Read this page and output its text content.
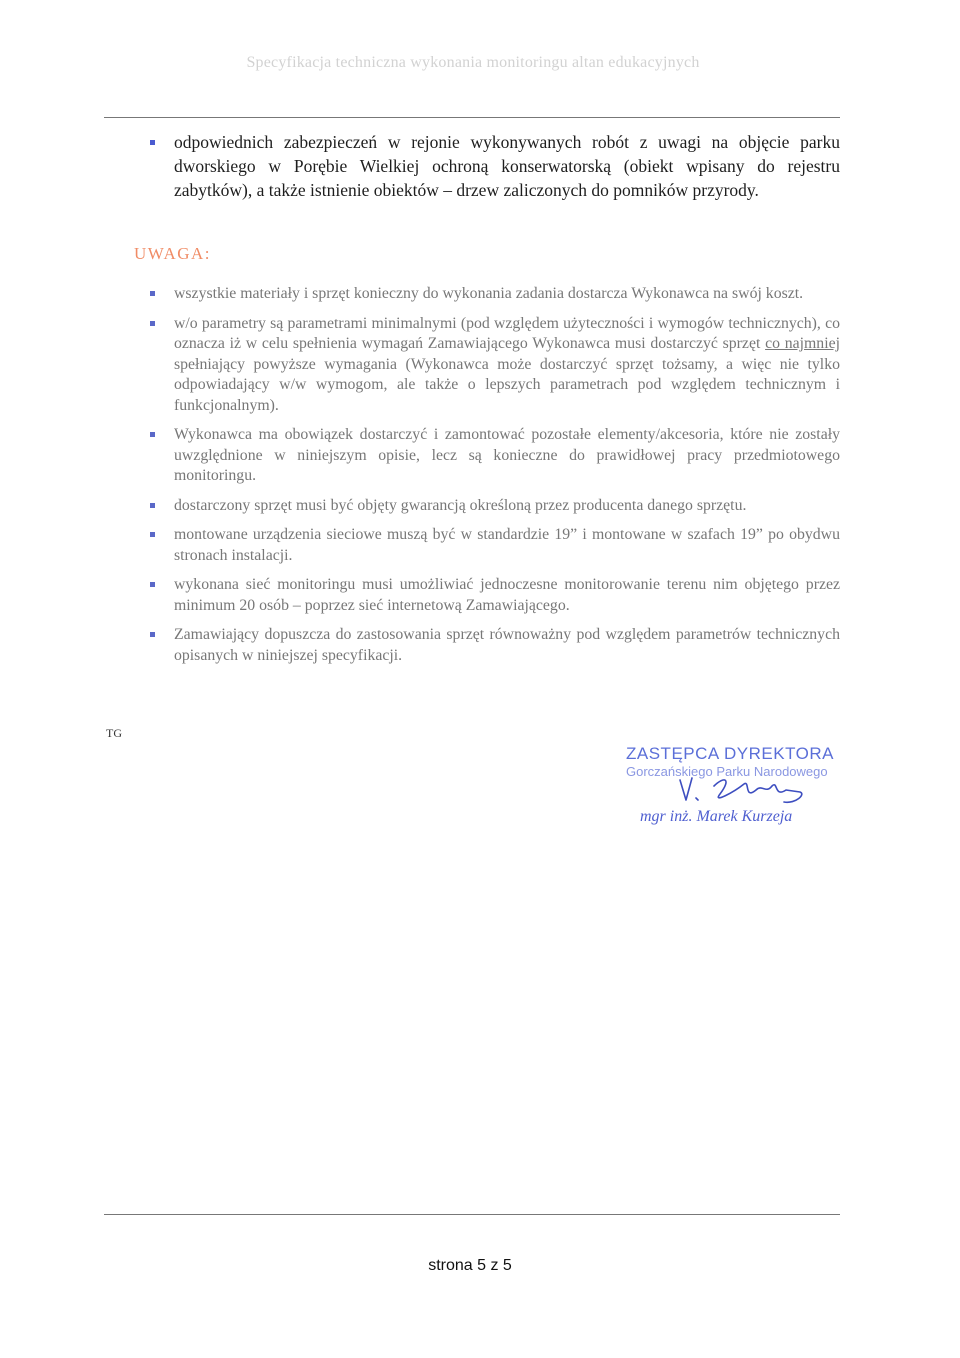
Specyfikacja techniczna wykonania monitoringu altan edukacyjnych
odpowiednich zabezpieczeń w rejonie wykonywanych robót z uwagi na objęcie parku dworskiego w Porębie Wielkiej ochroną konserwatorską (obiekt wpisany do rejestru zabytków), a także istnienie obiektów – drzew zaliczonych do pomników przyrody.
UWAGA:
wszystkie materiały i sprzęt konieczny do wykonania zadania dostarcza Wykonawca na swój koszt.
w/o parametry są parametrami minimalnymi (pod względem użyteczności i wymogów technicznych), co oznacza iż w celu spełnienia wymagań Zamawiającego Wykonawca musi dostarczyć sprzęt co najmniej spełniający powyższe wymagania (Wykonawca może dostarczyć sprzęt tożsamy, a więc nie tylko odpowiadający w/w wymogom, ale także o lepszych parametrach pod względem technicznym i funkcjonalnym).
Wykonawca ma obowiązek dostarczyć i zamontować pozostałe elementy/akcesoria, które nie zostały uwzględnione w niniejszym opisie, lecz są konieczne do prawidłowej pracy przedmiotowego monitoringu.
dostarczony sprzęt musi być objęty gwarancją określoną przez producenta danego sprzętu.
montowane urządzenia sieciowe muszą być w standardzie 19” i montowane w szafach 19” po obydwu stronach instalacji.
wykonana sieć monitoringu musi umożliwiać jednoczesne monitorowanie terenu nim objętego przez minimum 20 osób – poprzez sieć internetową Zamawiającego.
Zamawiający dopuszcza do zastosowania sprzęt równoważny pod względem parametrów technicznych opisanych w niniejszej specyfikacji.
TG
ZASTĘPCA DYREKTORA
Gorczańskiego Parku Narodowego
mgr inż. Marek Kurzeja
strona 5 z 5
